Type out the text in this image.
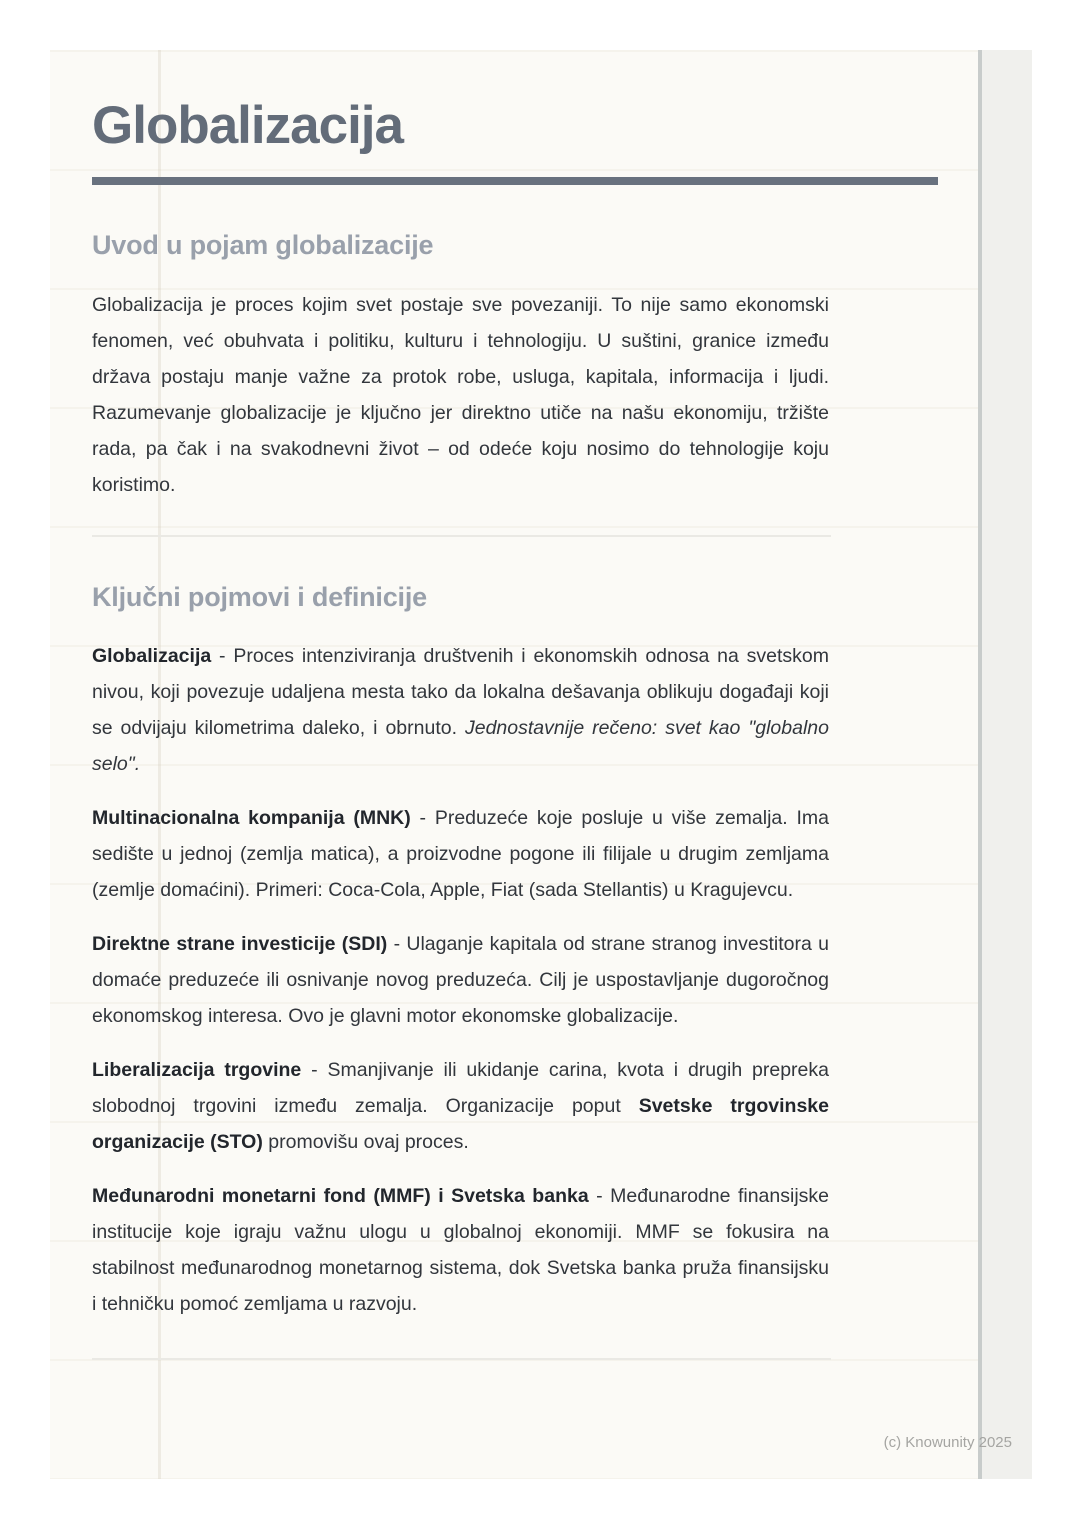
Globalizacija
Uvod u pojam globalizacije

Globalizacija je proces kojim svet postaje sve povezaniji. To nije samo ekonomski fenomen, već obuhvata i politiku, kulturu i tehnologiju. U suštini, granice između država postaju manje važne za protok robe, usluga, kapitala, informacija i ljudi. Razumevanje globalizacije je ključno jer direktno utiče na našu ekonomiju, tržište rada, pa čak i na svakodnevni život – od odeće koju nosimo do tehnologije koju koristimo.

Ključni pojmovi i definicije

Globalizacija - Proces intenziviranja društvenih i ekonomskih odnosa na svetskom nivou, koji povezuje udaljena mesta tako da lokalna dešavanja oblikuju događaji koji se odvijaju kilometrima daleko, i obrnuto. Jednostavnije rečeno: svet kao "globalno selo".

Multinacionalna kompanija (MNK) - Preduzeće koje posluje u više zemalja. Ima sedište u jednoj (zemlja matica), a proizvodne pogone ili filijale u drugim zemljama (zemlje domaćini). Primeri: Coca-Cola, Apple, Fiat (sada Stellantis) u Kragujevcu.

Direktne strane investicije (SDI) - Ulaganje kapitala od strane stranog investitora u domaće preduzeće ili osnivanje novog preduzeća. Cilj je uspostavljanje dugoročnog ekonomskog interesa. Ovo je glavni motor ekonomske globalizacije.

Liberalizacija trgovine - Smanjivanje ili ukidanje carina, kvota i drugih prepreka slobodnoj trgovini između zemalja. Organizacije poput Svetske trgovinske organizacije (STO) promovišu ovaj proces.

Međunarodni monetarni fond (MMF) i Svetska banka - Međunarodne finansijske institucije koje igraju važnu ulogu u globalnoj ekonomiji. MMF se fokusira na stabilnost međunarodnog monetarnog sistema, dok Svetska banka pruža finansijsku i tehničku pomoć zemljama u razvoju.

(c) Knowunity 2025
